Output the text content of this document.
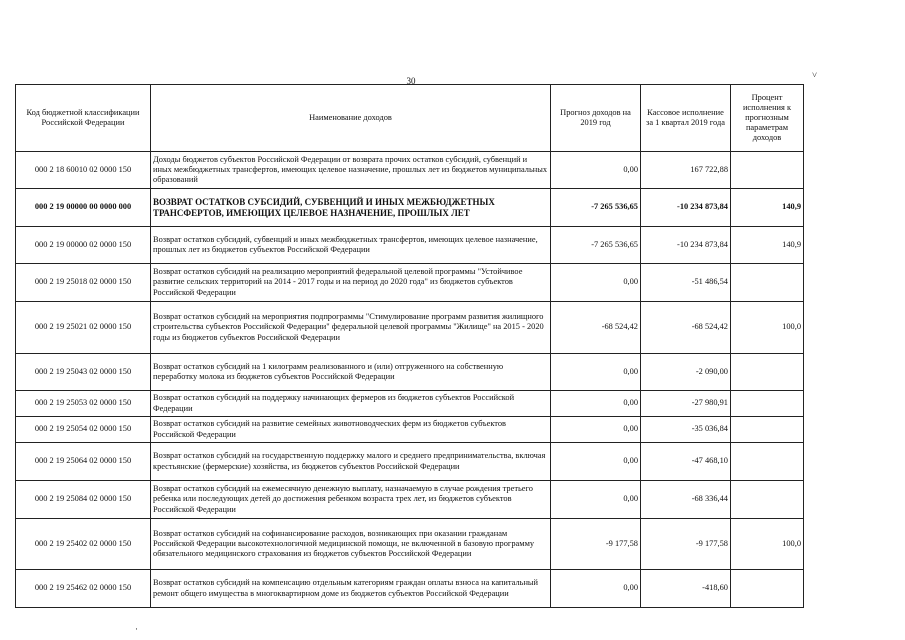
30
˅
Код бюджетной классификации Российской Федерации	Наименование доходов	Прогноз доходов на 2019 год	Кассовое исполнение за 1 квартал 2019 года	Процент исполнения к прогнозным параметрам доходов
000 2 18 60010 02 0000 150	Доходы бюджетов субъектов Российской Федерации от возврата прочих остатков субсидий, субвенций и иных межбюджетных трансфертов, имеющих целевое назначение, прошлых лет из бюджетов муниципальных образований	0,00	167 722,88	
000 2 19 00000 00 0000 000	ВОЗВРАТ ОСТАТКОВ СУБСИДИЙ, СУБВЕНЦИЙ И ИНЫХ МЕЖБЮДЖЕТНЫХ ТРАНСФЕРТОВ, ИМЕЮЩИХ ЦЕЛЕВОЕ НАЗНАЧЕНИЕ, ПРОШЛЫХ ЛЕТ	-7 265 536,65	-10 234 873,84	140,9
000 2 19 00000 02 0000 150	Возврат остатков субсидий, субвенций и иных межбюджетных трансфертов, имеющих целевое назначение, прошлых лет из бюджетов субъектов Российской Федерации	-7 265 536,65	-10 234 873,84	140,9
000 2 19 25018 02 0000 150	Возврат остатков субсидий на реализацию мероприятий федеральной целевой программы "Устойчивое развитие сельских территорий на 2014 - 2017 годы и на период до 2020 года" из бюджетов субъектов Российской Федерации	0,00	-51 486,54	
000 2 19 25021 02 0000 150	Возврат остатков субсидий на мероприятия подпрограммы "Стимулирование программ развития жилищного строительства субъектов Российской Федерации" федеральной целевой программы "Жилище" на 2015 - 2020 годы из бюджетов субъектов Российской Федерации	-68 524,42	-68 524,42	100,0
000 2 19 25043 02 0000 150	Возврат остатков субсидий на 1 килограмм реализованного и (или) отгруженного на собственную переработку молока из бюджетов субъектов Российской Федерации	0,00	-2 090,00	
000 2 19 25053 02 0000 150	Возврат остатков субсидий на поддержку начинающих фермеров из бюджетов субъектов Российской Федерации	0,00	-27 980,91	
000 2 19 25054 02 0000 150	Возврат остатков субсидий на развитие семейных животноводческих ферм из бюджетов субъектов Российской Федерации	0,00	-35 036,84	
000 2 19 25064 02 0000 150	Возврат остатков субсидий на государственную поддержку малого и среднего предпринимательства, включая крестьянские (фермерские) хозяйства, из бюджетов субъектов Российской Федерации	0,00	-47 468,10	
000 2 19 25084 02 0000 150	Возврат остатков субсидий на ежемесячную денежную выплату, назначаемую в случае рождения третьего ребенка или последующих детей до достижения ребенком возраста трех лет, из бюджетов субъектов Российской Федерации	0,00	-68 336,44	
000 2 19 25402 02 0000 150	Возврат остатков субсидий на софинансирование расходов, возникающих при оказании гражданам Российской Федерации высокотехнологичной медицинской помощи, не включенной в базовую программу обязательного медицинского страхования из бюджетов субъектов Российской Федерации	-9 177,58	-9 177,58	100,0
000 2 19 25462 02 0000 150	Возврат остатков субсидий на компенсацию отдельным категориям граждан оплаты взноса на капитальный ремонт общего имущества в многоквартирном доме из бюджетов субъектов Российской Федерации	0,00	-418,60	
·
